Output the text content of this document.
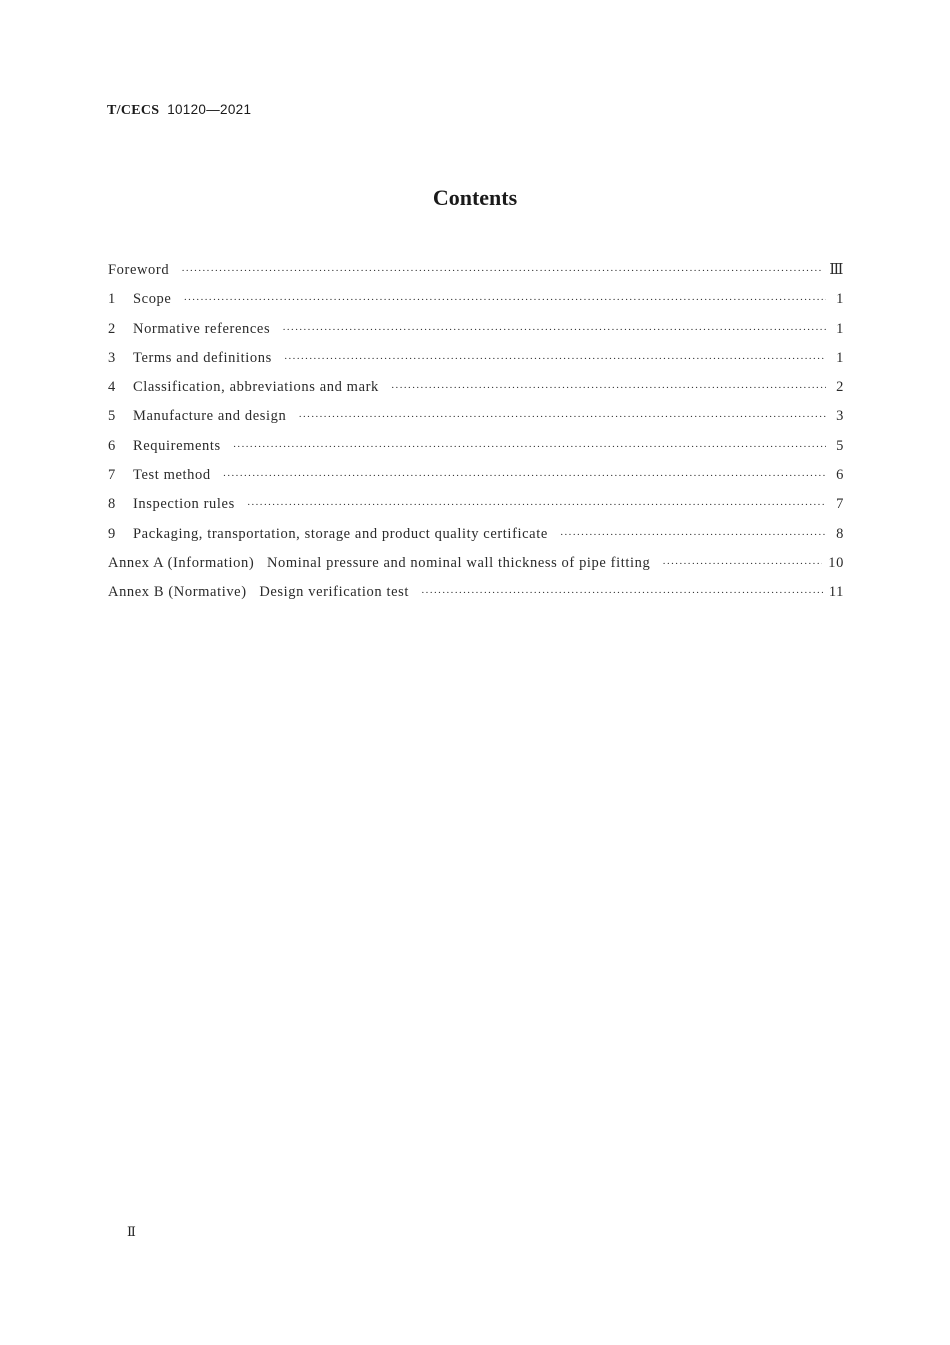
T/CECS 10120—2021
Contents
Foreword ·····	Ⅲ
1	Scope ·····	1
2	Normative references ·····	1
3	Terms and definitions ·····	1
4	Classification, abbreviations and mark ·····	2
5	Manufacture and design ·····	3
6	Requirements ·····	5
7	Test method ·····	6
8	Inspection rules ·····	7
9	Packaging, transportation, storage and product quality certificate ·····	8
Annex A (Information)   Nominal pressure and nominal wall thickness of pipe fitting ·····	10
Annex B (Normative)   Design verification test ·····	11
Ⅱ
